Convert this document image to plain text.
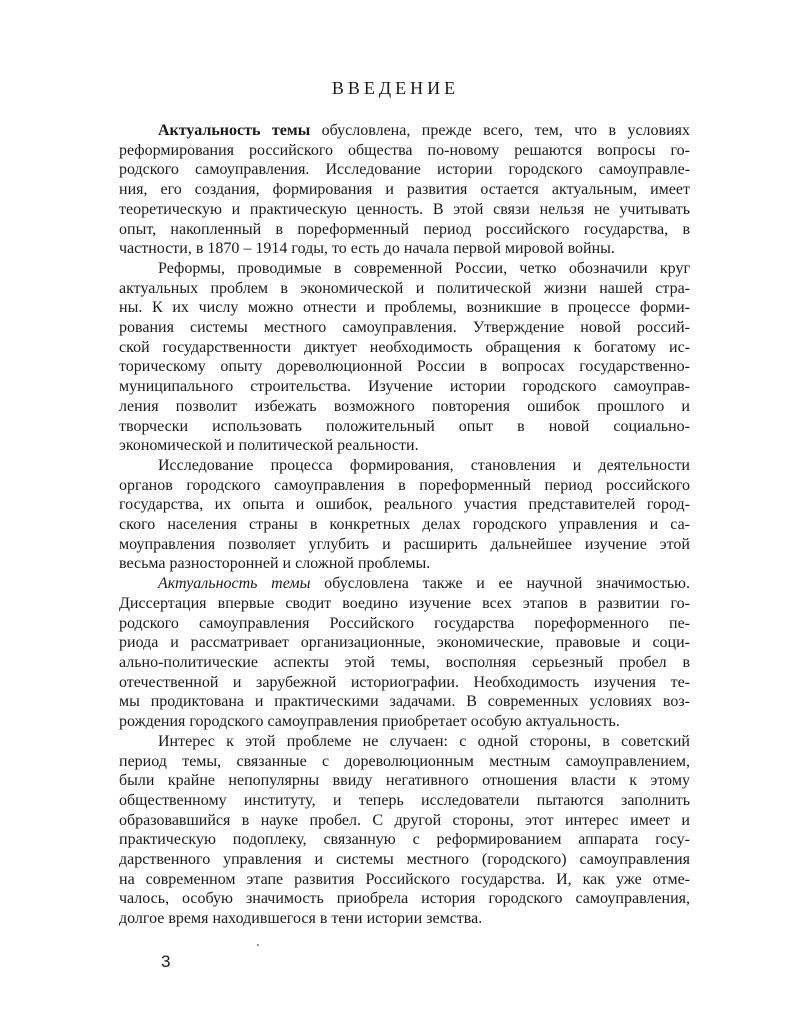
ВВЕДЕНИЕ
Актуальность темы обусловлена, прежде всего, тем, что в условиях
реформирования российского общества по-новому решаются вопросы го-
родского самоуправления. Исследование истории городского самоуправле-
ния, его создания, формирования и развития остается актуальным, имеет
теоретическую и практическую ценность. В этой связи нельзя не учитывать
опыт, накопленный в пореформенный период российского государства, в
частности, в 1870 – 1914 годы, то есть до начала первой мировой войны.
Реформы, проводимые в современной России, четко обозначили круг
актуальных проблем в экономической и политической жизни нашей стра-
ны. К их числу можно отнести и проблемы, возникшие в процессе форми-
рования системы местного самоуправления. Утверждение новой россий-
ской государственности диктует необходимость обращения к богатому ис-
торическому опыту дореволюционной России в вопросах государственно-
муниципального строительства. Изучение истории городского самоуправ-
ления позволит избежать возможного повторения ошибок прошлого и
творчески использовать положительный опыт в новой социально-
экономической и политической реальности.
Исследование процесса формирования, становления и деятельности
органов городского самоуправления в пореформенный период российского
государства, их опыта и ошибок, реального участия представителей город-
ского населения страны в конкретных делах городского управления и са-
моуправления позволяет углубить и расширить дальнейшее изучение этой
весьма разносторонней и сложной проблемы.
Актуальность темы обусловлена также и ее научной значимостью.
Диссертация впервые сводит воедино изучение всех этапов в развитии го-
родского самоуправления Российского государства пореформенного пе-
риода и рассматривает организационные, экономические, правовые и соци-
ально-политические аспекты этой темы, восполняя серьезный пробел в
отечественной и зарубежной историографии. Необходимость изучения те-
мы продиктована и практическими задачами. В современных условиях воз-
рождения городского самоуправления приобретает особую актуальность.
Интерес к этой проблеме не случаен: с одной стороны, в советский
период темы, связанные с дореволюционным местным самоуправлением,
были крайне непопулярны ввиду негативного отношения власти к этому
общественному институту, и теперь исследователи пытаются заполнить
образовавшийся в науке пробел. С другой стороны, этот интерес имеет и
практическую подоплеку, связанную с реформированием аппарата госу-
дарственного управления и системы местного (городского) самоуправления
на современном этапе развития Российского государства. И, как уже отме-
чалось, особую значимость приобрела история городского самоуправления,
долгое время находившегося в тени истории земства.
3
